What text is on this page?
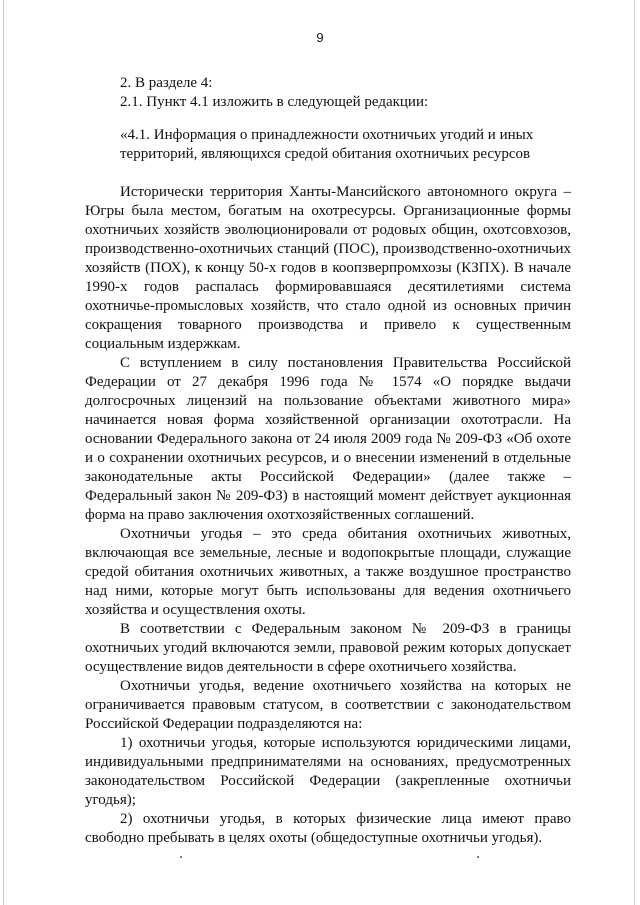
9

2. В разделе 4:

2.1. Пункт 4.1 изложить в следующей редакции:

«4.1. Информация о принадлежности охотничьих угодий и иных территорий, являющихся средой обитания охотничьих ресурсов

Исторически территория Ханты-Мансийского автономного округа – Югры была местом, богатым на охотресурсы. Организационные формы охотничьих хозяйств эволюционировали от родовых общин, охотсовхозов, производственно-охотничьих станций (ПОС), производственно-охотничьих хозяйств (ПОХ), к концу 50-х годов в коопзверпромхозы (КЗПХ). В начале 1990-х годов распалась формировавшаяся десятилетиями система охотничье-промысловых хозяйств, что стало одной из основных причин сокращения товарного производства и привело к существенным социальным издержкам.

С вступлением в силу постановления Правительства Российской Федерации от 27 декабря 1996 года № 1574 «О порядке выдачи долгосрочных лицензий на пользование объектами животного мира» начинается новая форма хозяйственной организации охототрасли. На основании Федерального закона от 24 июля 2009 года № 209-ФЗ «Об охоте и о сохранении охотничьих ресурсов, и о внесении изменений в отдельные законодательные акты Российской Федерации» (далее также – Федеральный закон № 209-ФЗ) в настоящий момент действует аукционная форма на право заключения охотхозяйственных соглашений.

Охотничьи угодья – это среда обитания охотничьих животных, включающая все земельные, лесные и водопокрытые площади, служащие средой обитания охотничьих животных, а также воздушное пространство над ними, которые могут быть использованы для ведения охотничьего хозяйства и осуществления охоты.

В соответствии с Федеральным законом № 209-ФЗ в границы охотничьих угодий включаются земли, правовой режим которых допускает осуществление видов деятельности в сфере охотничьего хозяйства.

Охотничьи угодья, ведение охотничьего хозяйства на которых не ограничивается правовым статусом, в соответствии с законодательством Российской Федерации подразделяются на:

1) охотничьи угодья, которые используются юридическими лицами, индивидуальными предпринимателями на основаниях, предусмотренных законодательством Российской Федерации (закрепленные охотничьи угодья);

2) охотничьи угодья, в которых физические лица имеют право свободно пребывать в целях охоты (общедоступные охотничьи угодья).
